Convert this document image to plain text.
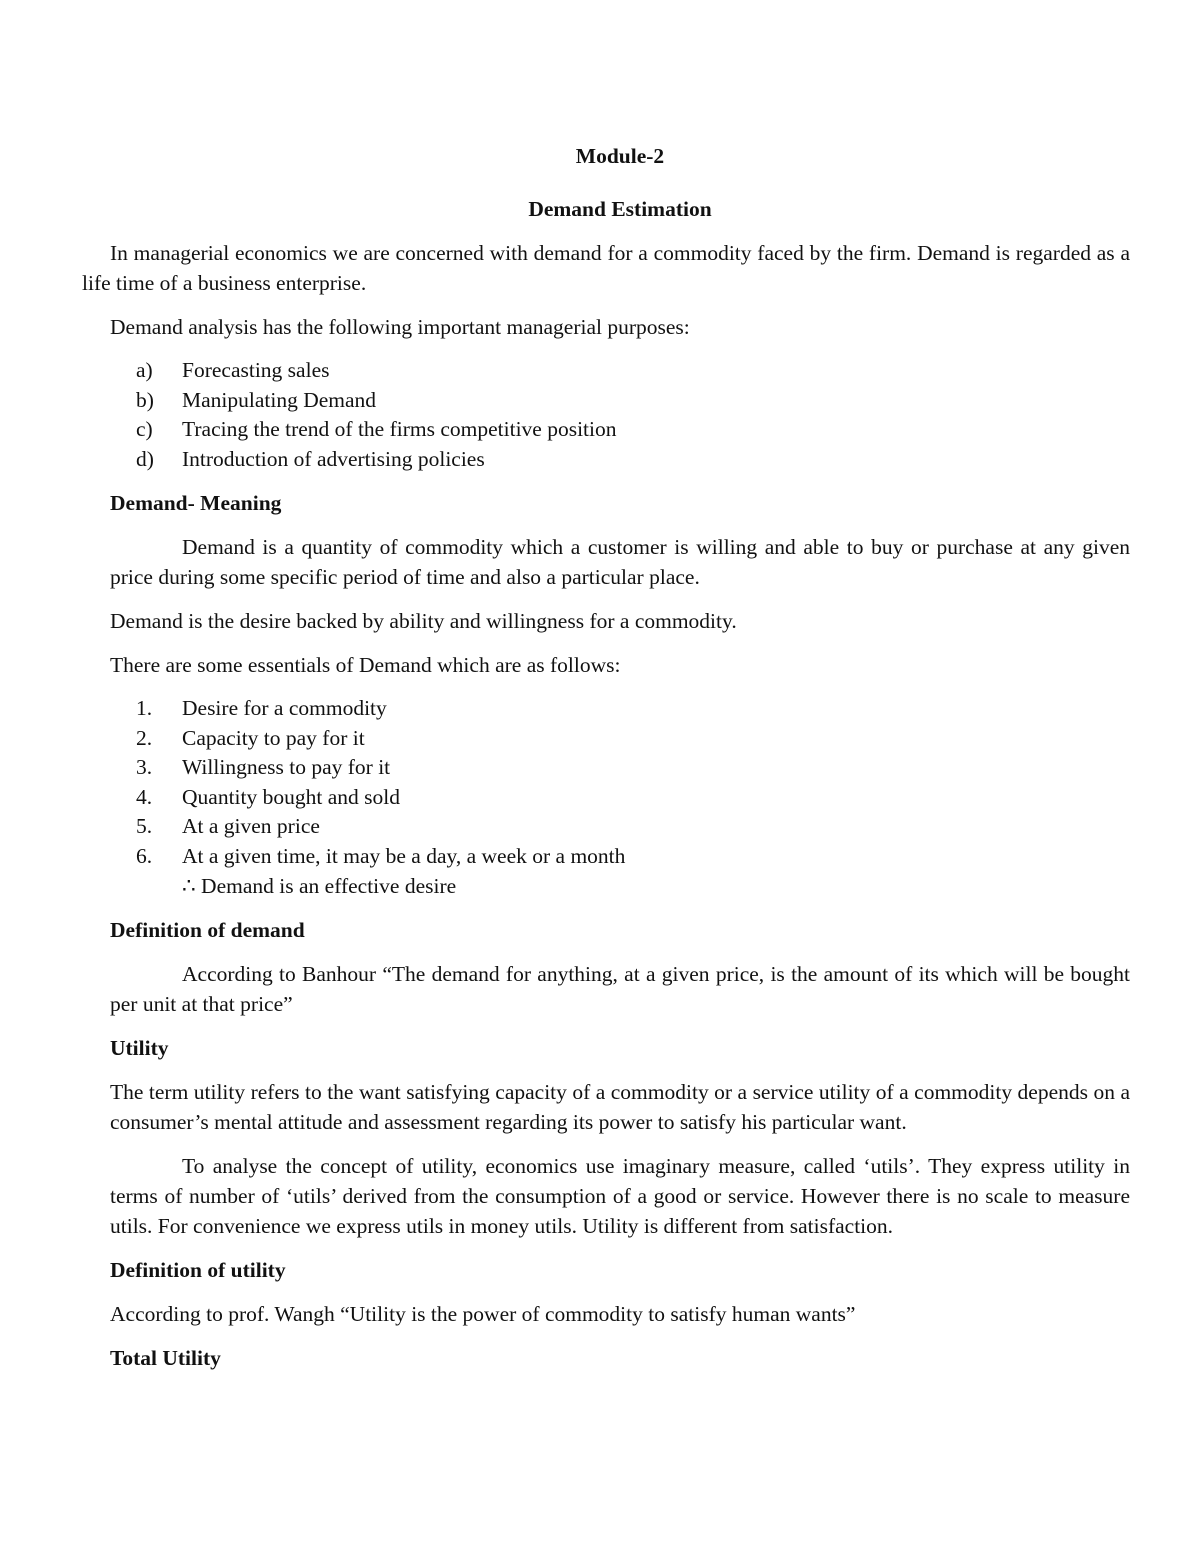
Module-2

Demand Estimation

In managerial economics we are concerned with demand for a commodity faced by the firm. Demand is regarded as a life time of a business enterprise.

Demand analysis has the following important managerial purposes:

a) Forecasting sales
b) Manipulating Demand
c) Tracing the trend of the firms competitive position
d) Introduction of advertising policies
Demand- Meaning

Demand is a quantity of commodity which a customer is willing and able to buy or purchase at any given price during some specific period of time and also a particular place.

Demand is the desire backed by ability and willingness for a commodity.

There are some essentials of Demand which are as follows:

1. Desire for a commodity
2. Capacity to pay for it
3. Willingness to pay for it
4. Quantity bought and sold
5. At a given price
6. At a given time, it may be a day, a week or a month

∴ Demand is an effective desire

Definition of demand

According to Banhour “The demand for anything, at a given price, is the amount of its which will be bought per unit at that price”

Utility

The term utility refers to the want satisfying capacity of a commodity or a service utility of a commodity depends on a consumer’s mental attitude and assessment regarding its power to satisfy his particular want.

To analyse the concept of utility, economics use imaginary measure, called ‘utils’. They express utility in terms of number of ‘utils’ derived from the consumption of a good or service. However there is no scale to measure utils. For convenience we express utils in money utils. Utility is different from satisfaction.

Definition of utility

According to prof. Wangh “Utility is the power of commodity to satisfy human wants”

Total Utility
